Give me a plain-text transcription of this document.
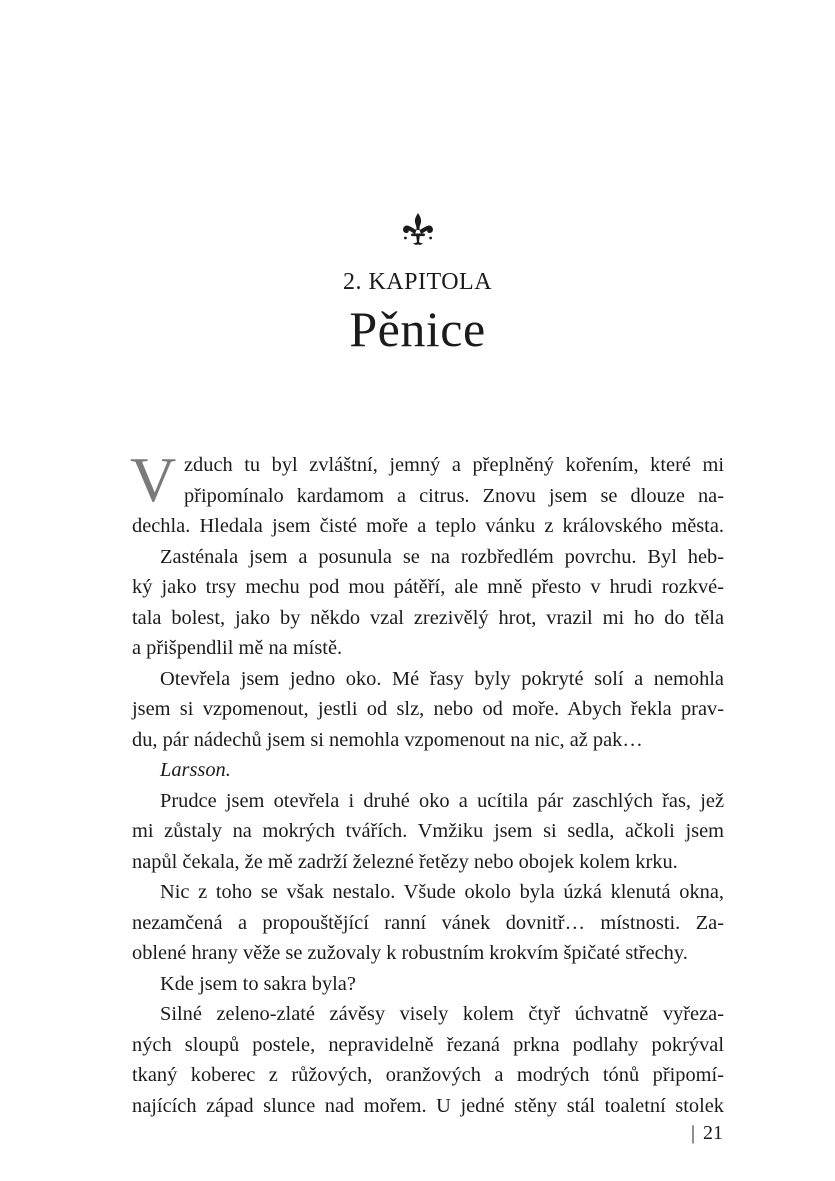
2. KAPITOLA
Pěnice
V zduch tu byl zvláštní, jemný a přeplněný kořením, které mi
připomínalo kardamom a citrus. Znovu jsem se dlouze na-
dechla. Hledala jsem čisté moře a teplo vánku z královského města.
Zasténala jsem a posunula se na rozbředlém povrchu. Byl heb-
ký jako trsy mechu pod mou pátěří, ale mně přesto v hrudi rozkvé-
tala bolest, jako by někdo vzal zrezivělý hrot, vrazil mi ho do těla
a přišpendlil mě na místě.
Otevřela jsem jedno oko. Mé řasy byly pokryté solí a nemohla
jsem si vzpomenout, jestli od slz, nebo od moře. Abych řekla prav-
du, pár nádechů jsem si nemohla vzpomenout na nic, až pak…
Larsson.
Prudce jsem otevřela i druhé oko a ucítila pár zaschlých řas, jež
mi zůstaly na mokrých tvářích. Vmžiku jsem si sedla, ačkoli jsem
napůl čekala, že mě zadrží železné řetězy nebo obojek kolem krku.
Nic z toho se však nestalo. Všude okolo byla úzká klenutá okna,
nezamčená a propouštějící ranní vánek dovnitř… místnosti. Za-
oblené hrany věže se zužovaly k robustním krokvím špičaté střechy.
Kde jsem to sakra byla?
Silné zeleno-zlaté závěsy visely kolem čtyř úchvatně vyřeza-
ných sloupů postele, nepravidelně řezaná prkna podlahy pokrýval
tkaný koberec z růžových, oranžových a modrých tónů připomí-
najících západ slunce nad mořem. U jedné stěny stál toaletní stolek
| 21
